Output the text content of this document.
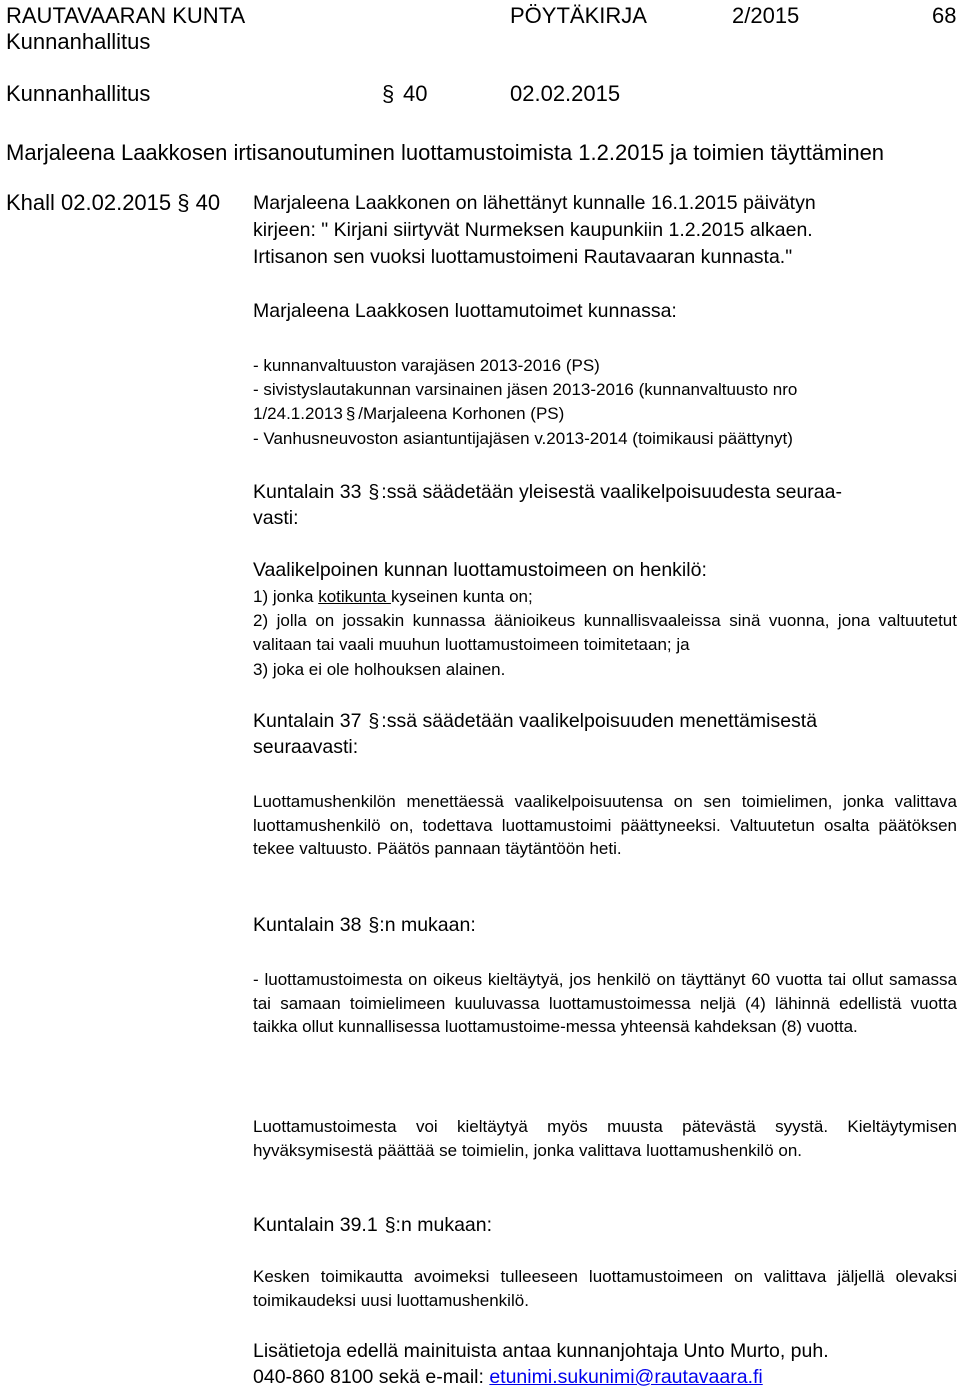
RAUTAVAARAN KUNTA	PÖYTÄKIRJA	2/2015	68
Kunnanhallitus
Kunnanhallitus	§ 40	02.02.2015
Marjaleena Laakkosen irtisanoutuminen luottamustoimista 1.2.2015 ja toimien täyttäminen
Khall 02.02.2015 § 40 Marjaleena Laakkonen on lähettänyt kunnalle 16.1.2015 päivätyn
kirjeen: " Kirjani siirtyvät Nurmeksen kaupunkiin 1.2.2015 alkaen.
Irtisanon sen vuoksi luottamustoimeni Rautavaaran kunnasta."
Marjaleena Laakkosen luottamutoimet kunnassa:
- kunnanvaltuuston varajäsen 2013-2016 (PS)
- sivistyslautakunnan varsinainen jäsen 2013-2016 (kunnanvaltuusto nro
1/24.1.2013 § /Marjaleena Korhonen (PS)
- Vanhusneuvoston asiantuntijajäsen v.2013-2014 (toimikausi päättynyt)
Kuntalain 33 § :ssä säädetään yleisestä vaalikelpoisuudesta seuraa-
vasti:
Vaalikelpoinen kunnan luottamustoimeen on henkilö:
1) jonka kotikunta kyseinen kunta on;
2) jolla on jossakin kunnassa äänioikeus kunnallisvaaleissa sinä vuonna, jona valtuutetut valitaan tai vaali muuhun luottamustoimeen toimitetaan; ja
3) joka ei ole holhouksen alainen.
Kuntalain 37 § :ssä säädetään vaalikelpoisuuden menettämisestä
seuraavasti:
Luottamushenkilön menettäessä vaalikelpoisuutensa on sen toimielimen, jonka valittava luottamushenkilö on, todettava luottamustoimi päättyneeksi. Valtuutetun osalta päätöksen tekee valtuusto. Päätös pannaan täytäntöön heti.
Kuntalain 38 §:n mukaan:
- luottamustoimesta on oikeus kieltäytyä, jos henkilö on täyttänyt 60 vuotta tai ollut samassa tai samaan toimielimeen kuuluvassa luottamustoimessa neljä (4) lähinnä edellistä vuotta taikka ollut kunnallisessa luottamustoime-messa yhteensä kahdeksan (8) vuotta.
Luottamustoimesta voi kieltäytyä myös muusta pätevästä syystä. Kieltäytymisen hyväksymisestä päättää se toimielin, jonka valittava luottamushenkilö on.
Kuntalain 39.1 §:n mukaan:
Kesken toimikautta avoimeksi tulleeseen luottamustoimeen on valittava jäljellä olevaksi toimikaudeksi uusi luottamushenkilö.
Lisätietoja edellä mainituista antaa kunnanjohtaja Unto Murto, puh.
040-860 8100 sekä e-mail: etunimi.sukunimi@rautavaara.fi
